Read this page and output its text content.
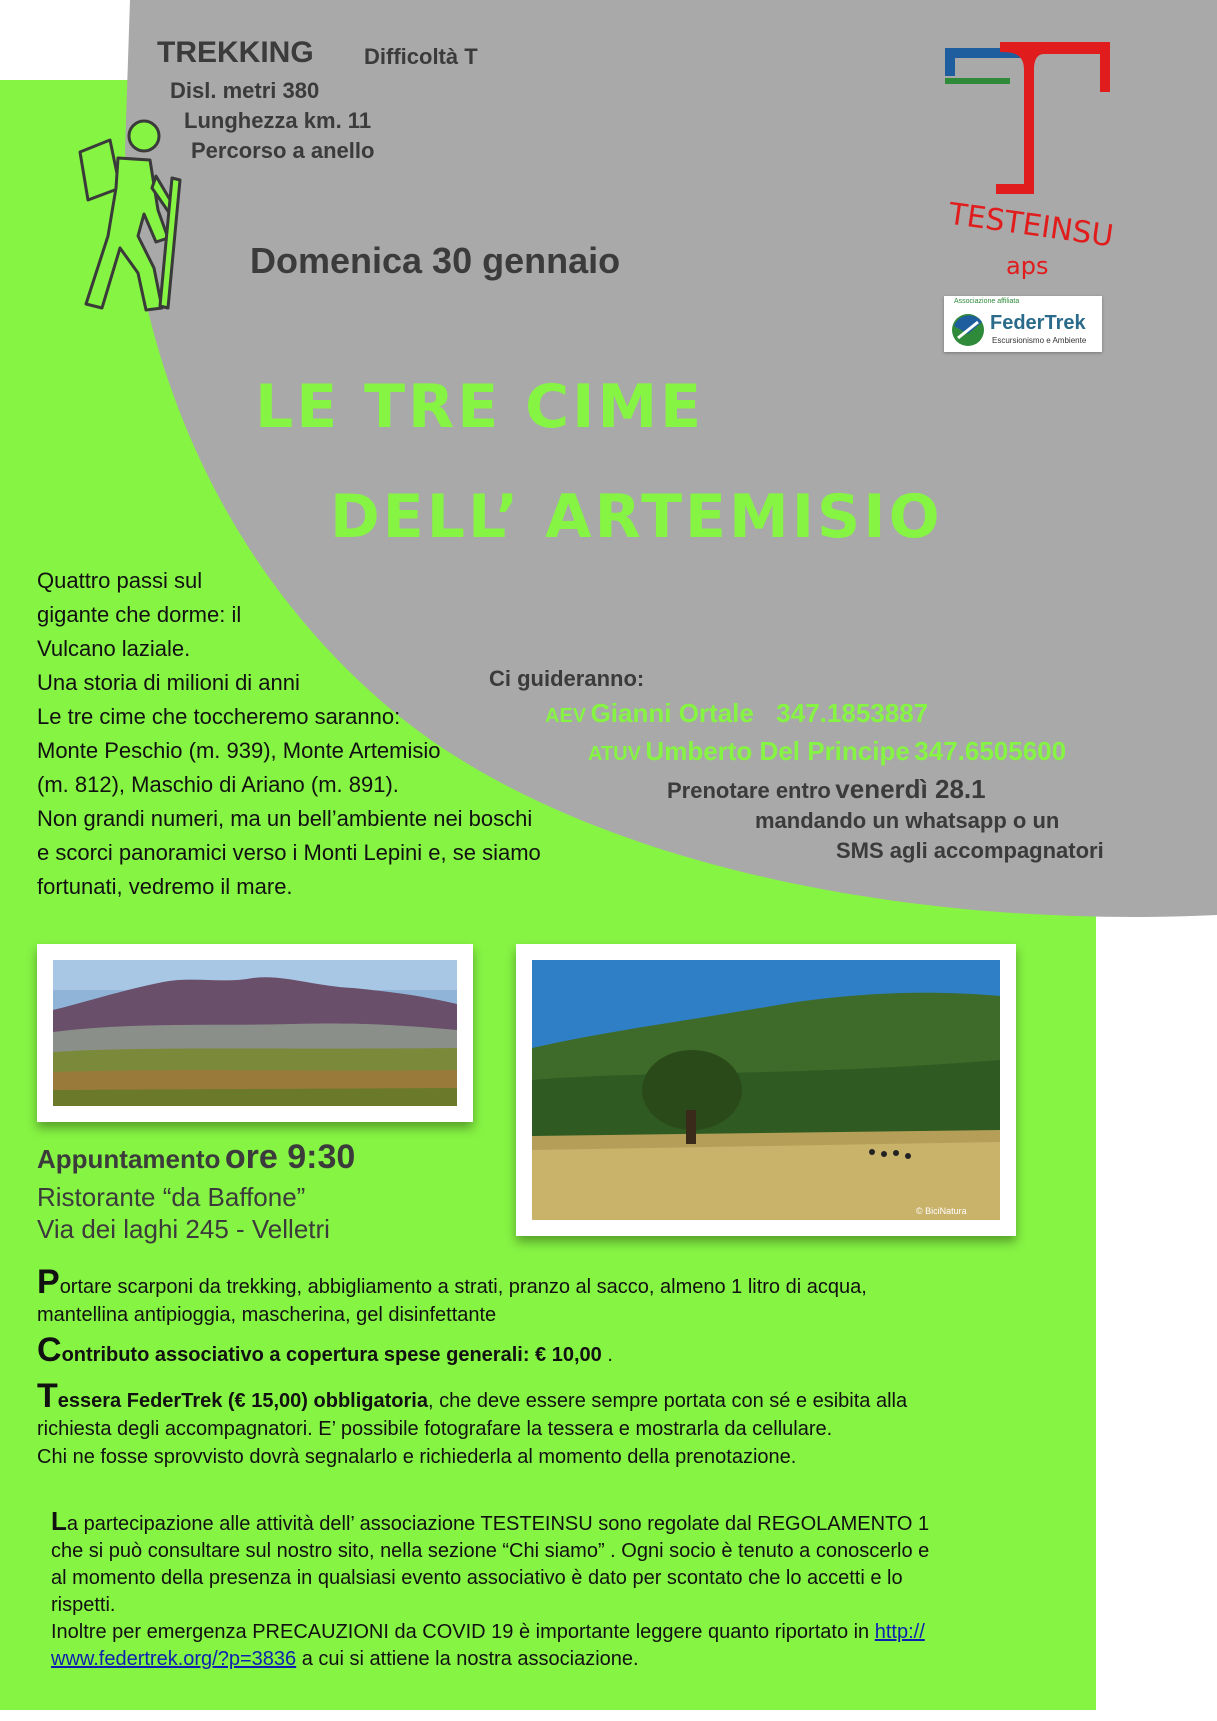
TREKKING Difficoltà T
Disl. metri 380
Lunghezza km. 11
Percorso a anello
Domenica 30 gennaio
TESTEINSU
aps
Associazione affiliata
FederTrek
Escursionismo e Ambiente
LE TRE CIME
DELL’ ARTEMISIO

Quattro passi sul

gigante che dorme: il

Vulcano laziale.

Una storia di milioni di anni

Le tre cime che toccheremo saranno:

Monte Peschio (m. 939), Monte Artemisio

(m. 812), Maschio di Ariano (m. 891).

Non grandi numeri, ma un bell’ambiente nei boschi

e scorci panoramici verso i Monti Lepini e, se siamo

fortunati, vedremo il mare.

Ci guideranno:
AEV Gianni Ortale 347.1853887
ATUV Umberto Del Principe 347.6505600
Prenotare entro venerdì 28.1
mandando un whatsapp o un
SMS agli accompagnatori
© BiciNatura
Appuntamento ore 9:30
Ristorante “da Baffone”
Via dei laghi 245 - Velletri
Portare scarponi da trekking, abbigliamento a strati, pranzo al sacco, almeno 1 litro di acqua,
mantellina antipioggia, mascherina, gel disinfettante
Contributo associativo a copertura spese generali: € 10,00 .
Tessera FederTrek (€ 15,00) obbligatoria, che deve essere sempre portata con sé e esibita alla
richiesta degli accompagnatori. E’ possibile fotografare la tessera e mostrarla da cellulare.
Chi ne fosse sprovvisto dovrà segnalarlo e richiederla al momento della prenotazione.
La partecipazione alle attività dell’ associazione TESTEINSU sono regolate dal REGOLAMENTO 1
che si può consultare sul nostro sito, nella sezione “Chi siamo” . Ogni socio è tenuto a conoscerlo e
al momento della presenza in qualsiasi evento associativo è dato per scontato che lo accetti e lo
rispetti.
Inoltre per emergenza PRECAUZIONI da COVID 19 è importante leggere quanto riportato in http://
www.federtrek.org/?p=3836 a cui si attiene la nostra associazione.
